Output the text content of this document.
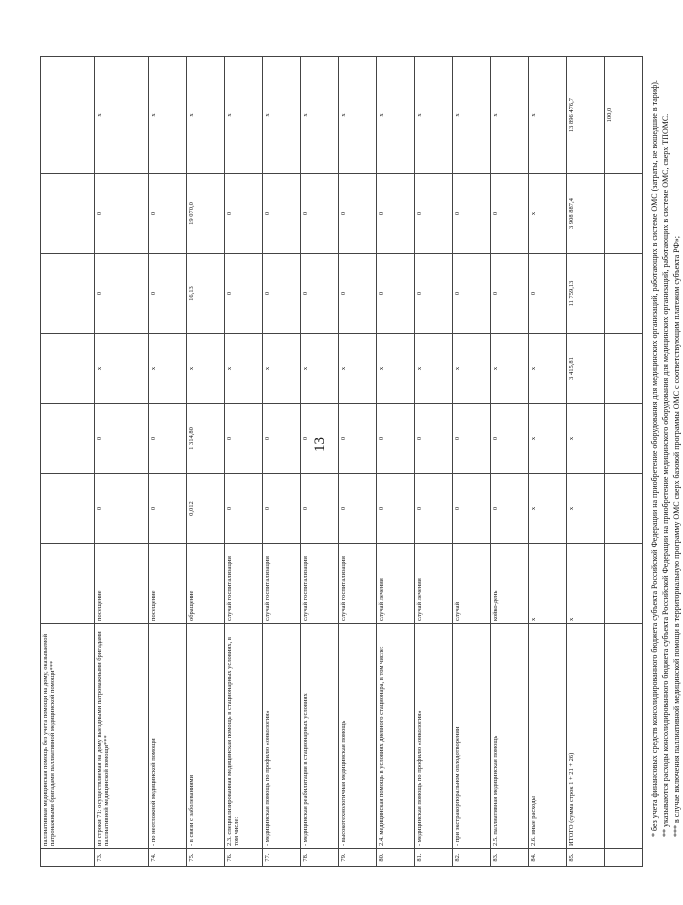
13
	паллиативная медицинская помощь без учета помощи на дому, оказываемой патронажными бригадами паллиативной медицинской помощи***							
73.	из строки 71: осуществляемая на дому выездными патронажными бригадами паллиативной медицинской помощи***	посещение	0	0	х	0	0	х
74.	- по неотложной медицинской помощи	посещение	0	0	х	0	0	х
75.	- в связи с заболеваниями	обращение	0,012	1 314,80	х	16,13	19 070,0	х
76.	2.3. специализированная медицинская помощь в стационарных условиях, в том числе:	случай госпитализации	0	0	х	0	0	х
77.	- медицинская помощь по профилю «онкология»	случай госпитализации	0	0	х	0	0	х
78.	- медицинская реабилитация в стационарных условиях	случай госпитализации	0	0	х	0	0	х
79.	- высокотехнологичная медицинская помощь	случай госпитализации	0	0	х	0	0	х
80.	2.4. медицинская помощь в условиях дневного стационара, в том числе:	случай лечения	0	0	х	0	0	х
81.	- медицинская помощь по профилю «онкология»	случай лечения	0	0	х	0	0	х
82.	- при экстракорпоральном оплодотворении	случай	0	0	х	0	0	х
83.	2.5. паллиативная медицинская помощь	койко-день	0	0	х	0	0	х
84.	2.6. иные расходы	х	х	х	х	0	х	х
85.	ИТОГО (сумма строк 1 + 21 + 26)	х	х	х	3 415,81	11 759,13	3 908 887,4	13 896 476,7
								100,0	* без учета финансовых средств консолидированного бюджета субъекта Российской Федерации на приобретение оборудования для медицинских организаций, работающих в системе ОМС (затраты, не вошедшие в тариф). ** указываются расходы консолидированного бюджета субъекта Российской Федерации на приобретение медицинского оборудования для медицинских организаций, работающих в системе ОМС, сверх ТПОМС. *** в случае включения паллиативной медицинской помощи в территориальную программу ОМС сверх базовой программы ОМС с соответствующим платежом субъекта РФ»;
